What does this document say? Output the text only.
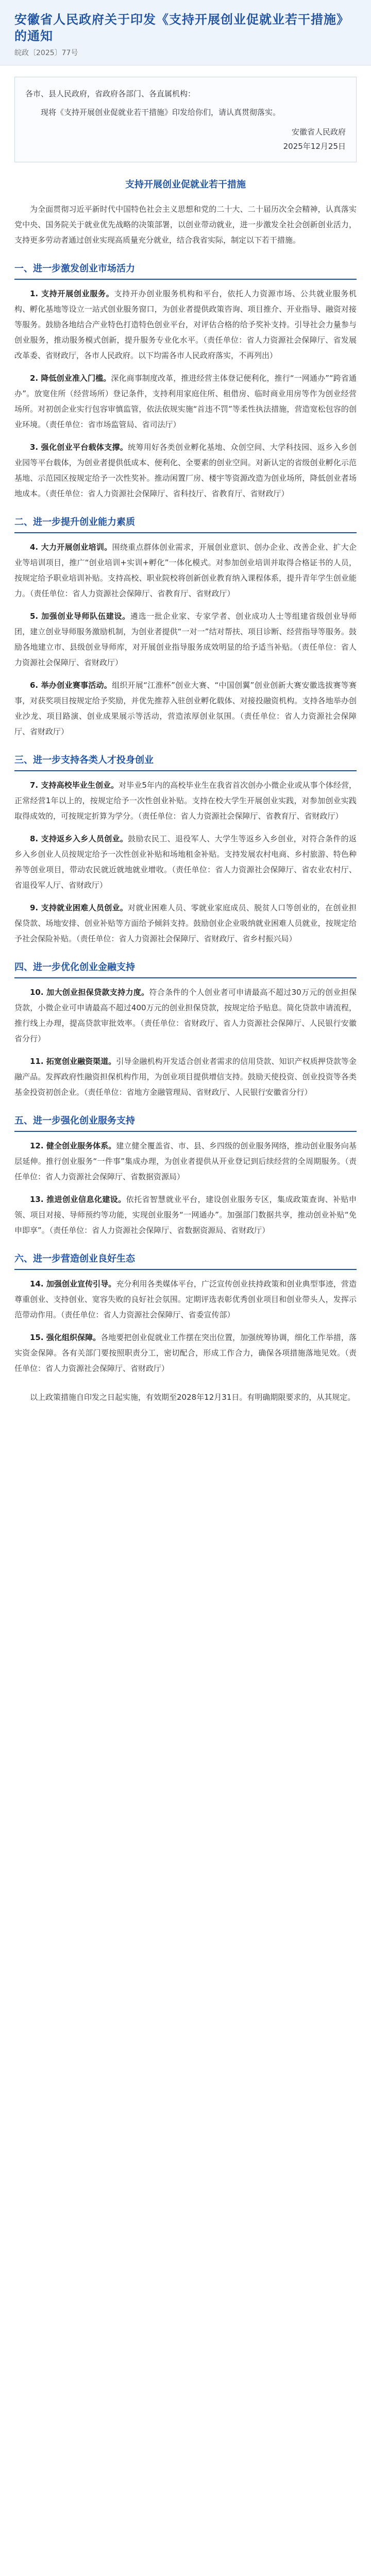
安徽省人民政府关于印发《支持开展创业促就业若干措施》的通知
皖政〔2025〕77号

各市、县人民政府，省政府各部门、各直属机构：

现将《支持开展创业促就业若干措施》印发给你们，请认真贯彻落实。

安徽省人民政府

2025年12月25日

支持开展创业促就业若干措施

为全面贯彻习近平新时代中国特色社会主义思想和党的二十大、二十届历次全会精神，认真落实党中央、国务院关于就业优先战略的决策部署，以创业带动就业，进一步激发全社会创新创业活力，支持更多劳动者通过创业实现高质量充分就业，结合我省实际，制定以下若干措施。

一、进一步激发创业市场活力

1. 支持开展创业服务。支持开办创业服务机构和平台，依托人力资源市场、公共就业服务机构、孵化基地等设立一站式创业服务窗口，为创业者提供政策咨询、项目推介、开业指导、融资对接等服务。鼓励各地结合产业特色打造特色创业平台，对评估合格的给予奖补支持。引导社会力量参与创业服务，推动服务模式创新，提升服务专业化水平。（责任单位：省人力资源社会保障厅、省发展改革委、省财政厅，各市人民政府。以下均需各市人民政府落实，不再列出）

2. 降低创业准入门槛。深化商事制度改革，推进经营主体登记便利化，推行“一网通办”“跨省通办”。放宽住所（经营场所）登记条件，支持利用家庭住所、租借房、临时商业用房等作为创业经营场所。对初创企业实行包容审慎监管，依法依规实施“首违不罚”等柔性执法措施，营造宽松包容的创业环境。（责任单位：省市场监管局、省司法厅）

3. 强化创业平台载体支撑。统筹用好各类创业孵化基地、众创空间、大学科技园、返乡入乡创业园等平台载体，为创业者提供低成本、便利化、全要素的创业空间。对新认定的省级创业孵化示范基地、示范园区按规定给予一次性奖补。推动闲置厂房、楼宇等资源改造为创业场所，降低创业者场地成本。（责任单位：省人力资源社会保障厅、省科技厅、省教育厅、省财政厅）

二、进一步提升创业能力素质

4. 大力开展创业培训。围绕重点群体创业需求，开展创业意识、创办企业、改善企业、扩大企业等培训项目，推广“创业培训+实训+孵化”一体化模式。对参加创业培训并取得合格证书的人员，按规定给予职业培训补贴。支持高校、职业院校将创新创业教育纳入课程体系，提升青年学生创业能力。（责任单位：省人力资源社会保障厅、省教育厅、省财政厅）

5. 加强创业导师队伍建设。遴选一批企业家、专家学者、创业成功人士等组建省级创业导师团，建立创业导师服务激励机制，为创业者提供“一对一”结对帮扶、项目诊断、经营指导等服务。鼓励各地建立市、县级创业导师库，对开展创业指导服务成效明显的给予适当补贴。（责任单位：省人力资源社会保障厅、省财政厅）

6. 举办创业赛事活动。组织开展“江淮杯”创业大赛、“中国创翼”创业创新大赛安徽选拔赛等赛事，对获奖项目按规定给予奖励，并优先推荐入驻创业孵化载体、对接投融资机构。支持各地举办创业沙龙、项目路演、创业成果展示等活动，营造浓厚创业氛围。（责任单位：省人力资源社会保障厅、省财政厅）

三、进一步支持各类人才投身创业

7. 支持高校毕业生创业。对毕业5年内的高校毕业生在我省首次创办小微企业或从事个体经营，正常经营1年以上的，按规定给予一次性创业补贴。支持在校大学生开展创业实践，对参加创业实践取得成效的，可按规定折算为学分。（责任单位：省人力资源社会保障厅、省教育厅、省财政厅）

8. 支持返乡入乡人员创业。鼓励农民工、退役军人、大学生等返乡入乡创业，对符合条件的返乡入乡创业人员按规定给予一次性创业补贴和场地租金补贴。支持发展农村电商、乡村旅游、特色种养等创业项目，带动农民就近就地就业增收。（责任单位：省人力资源社会保障厅、省农业农村厅、省退役军人厅、省财政厅）

9. 支持就业困难人员创业。对就业困难人员、零就业家庭成员、脱贫人口等创业的，在创业担保贷款、场地安排、创业补贴等方面给予倾斜支持。鼓励创业企业吸纳就业困难人员就业，按规定给予社会保险补贴。（责任单位：省人力资源社会保障厅、省财政厅、省乡村振兴局）

四、进一步优化创业金融支持

10. 加大创业担保贷款支持力度。符合条件的个人创业者可申请最高不超过30万元的创业担保贷款，小微企业可申请最高不超过400万元的创业担保贷款，按规定给予贴息。简化贷款申请流程，推行线上办理，提高贷款审批效率。（责任单位：省财政厅、省人力资源社会保障厅、人民银行安徽省分行）

11. 拓宽创业融资渠道。引导金融机构开发适合创业者需求的信用贷款、知识产权质押贷款等金融产品。发挥政府性融资担保机构作用，为创业项目提供增信支持。鼓励天使投资、创业投资等各类基金投资初创企业。（责任单位：省地方金融管理局、省财政厅、人民银行安徽省分行）

五、进一步强化创业服务支持

12. 健全创业服务体系。建立健全覆盖省、市、县、乡四级的创业服务网络，推动创业服务向基层延伸。推行创业服务“一件事”集成办理，为创业者提供从开业登记到后续经营的全周期服务。（责任单位：省人力资源社会保障厅、省数据资源局）

13. 推进创业信息化建设。依托省智慧就业平台，建设创业服务专区，集成政策查询、补贴申领、项目对接、导师预约等功能，实现创业服务“一网通办”。加强部门数据共享，推动创业补贴“免申即享”。（责任单位：省人力资源社会保障厅、省数据资源局、省财政厅）

六、进一步营造创业良好生态

14. 加强创业宣传引导。充分利用各类媒体平台，广泛宣传创业扶持政策和创业典型事迹，营造尊重创业、支持创业、宽容失败的良好社会氛围。定期评选表彰优秀创业项目和创业带头人，发挥示范带动作用。（责任单位：省人力资源社会保障厅、省委宣传部）

15. 强化组织保障。各地要把创业促就业工作摆在突出位置，加强统筹协调，细化工作举措，落实资金保障。各有关部门要按照职责分工，密切配合，形成工作合力，确保各项措施落地见效。（责任单位：省人力资源社会保障厅、省财政厅）

以上政策措施自印发之日起实施，有效期至2028年12月31日。有明确期限要求的，从其规定。
